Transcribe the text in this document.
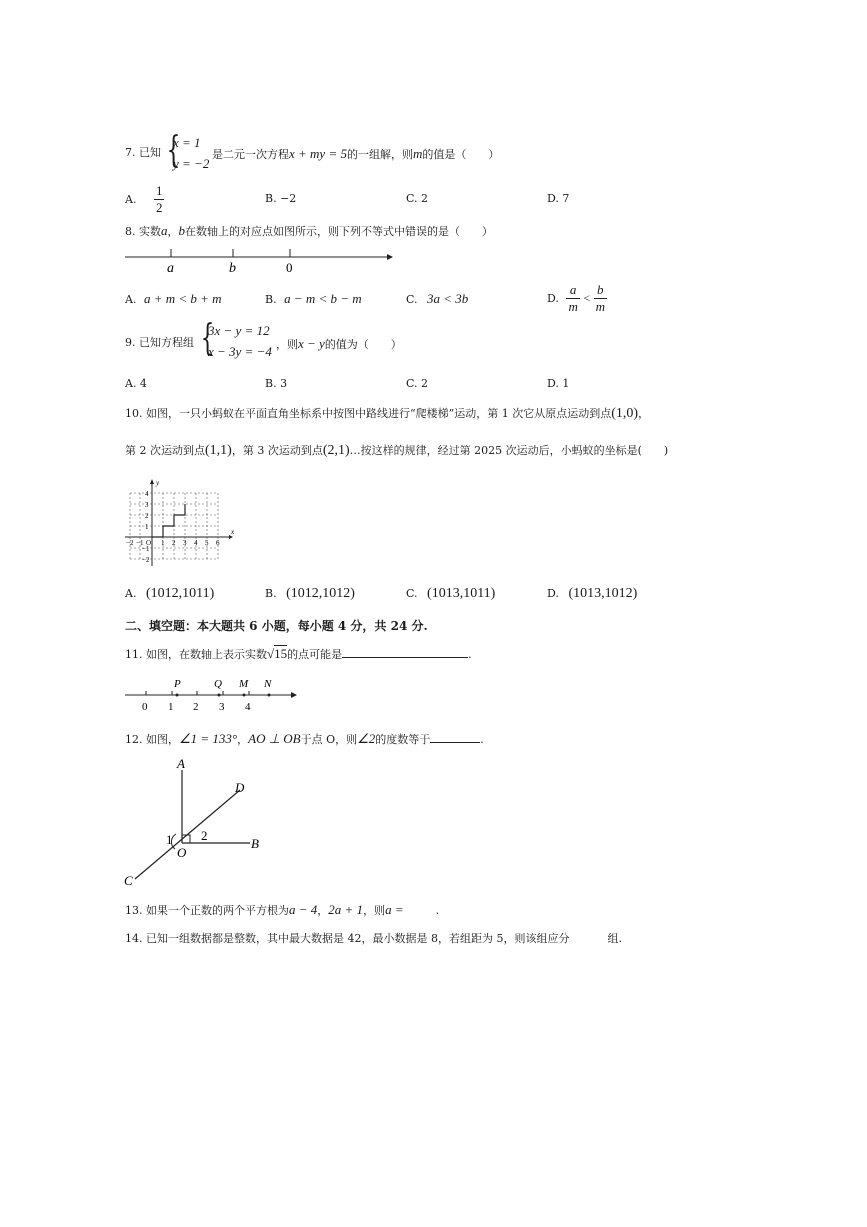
7. 已知 {
x = 1
y = −2
是二元一次方程x + my = 5的一组解，则m的值是（　　）
A. $\frac{1}{2}$	B. −2	C. 2	D. 7
8. 实数a，b在数轴上的对应点如图所示，则下列不等式中错误的是（　　）
a	b	0
A. a + m < b + m	B. a − m < b − m	C. 3a < 3b	D. $\frac{a}{m} < \frac{b}{m}$
9. 已知方程组 {
3x − y = 12
x − 3y = −4 ，则x − y的值为（　　）
A. 4	B. 3	C. 2	D. 1
10. 如图，一只小蚂蚁在平面直角坐标系中按图中路线进行“爬楼梯”运动，第 1 次它从原点运动到点(1,0)，
第 2 次运动到点(1,1)，第 3 次运动到点(2,1)…按这样的规律，经过第 2025 次运动后，小蚂蚁的坐标是(　　)
y
x
4
3
2
1
−1
−2
−2 −1 O 1 2 3 4 5 6
A. (1012,1011)	B. (1012,1012)	C. (1013,1011)	D. (1013,1012)
二、填空题：本大题共 6 小题，每小题 4 分，共 24 分.
11. 如图，在数轴上表示实数√15的点可能是	.
P	Q M N
0 1 2 3 4
12. 如图，∠1 = 133°，AO ⊥ OB于点 O，则∠2的度数等于	.
A
D
B
C
O
1 2
13. 如果一个正数的两个平方根为a − 4，2a + 1，则a =	.
14. 已知一组数据都是整数，其中最大数据是 42，最小数据是 8，若组距为 5，则该组应分	组.
